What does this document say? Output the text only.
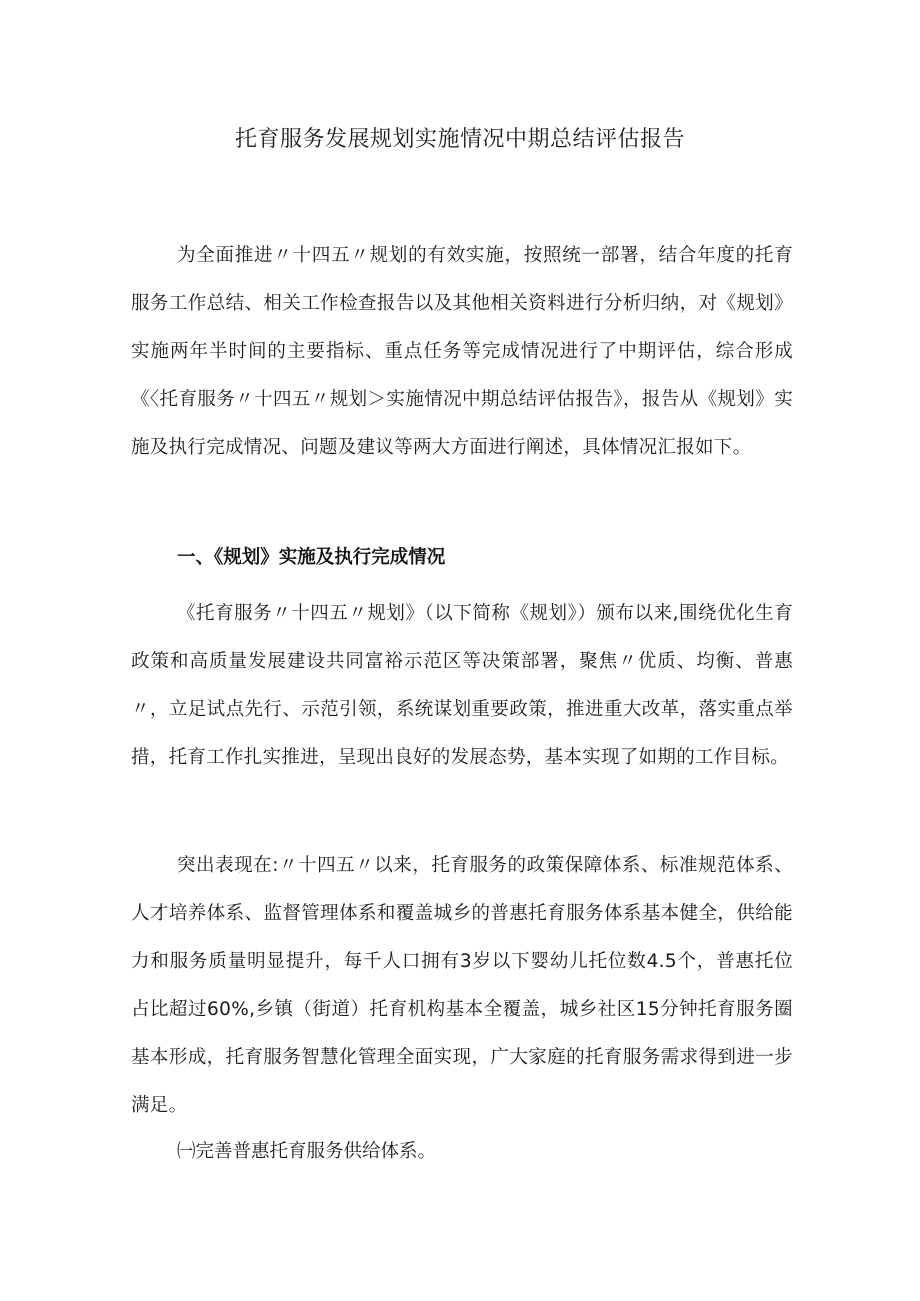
托育服务发展规划实施情况中期总结评估报告

为全面推进〃十四五〃规划的有效实施，按照统一部署，结合年度的托育服务工作总结、相关工作检查报告以及其他相关资料进行分析归纳，对《规划》实施两年半时间的主要指标、重点任务等完成情况进行了中期评估，综合形成《〈托育服务〃十四五〃规划＞实施情况中期总结评估报告》，报告从《规划》实施及执行完成情况、问题及建议等两大方面进行阐述，具体情况汇报如下。

一、《规划》实施及执行完成情况

《托育服务〃十四五〃规划》（以下简称《规划》）颁布以来,围绕优化生育政策和高质量发展建设共同富裕示范区等决策部署，聚焦〃优质、均衡、普惠〃，立足试点先行、示范引领，系统谋划重要政策，推进重大改革，落实重点举措，托育工作扎实推进，呈现出良好的发展态势，基本实现了如期的工作目标。

突出表现在:〃十四五〃以来，托育服务的政策保障体系、标准规范体系、人才培养体系、监督管理体系和覆盖城乡的普惠托育服务体系基本健全，供给能力和服务质量明显提升，每千人口拥有3岁以下婴幼儿托位数4.5个，普惠托位占比超过60%,乡镇（街道）托育机构基本全覆盖，城乡社区15分钟托育服务圈基本形成，托育服务智慧化管理全面实现，广大家庭的托育服务需求得到进一步满足。

㈠完善普惠托育服务供给体系。
